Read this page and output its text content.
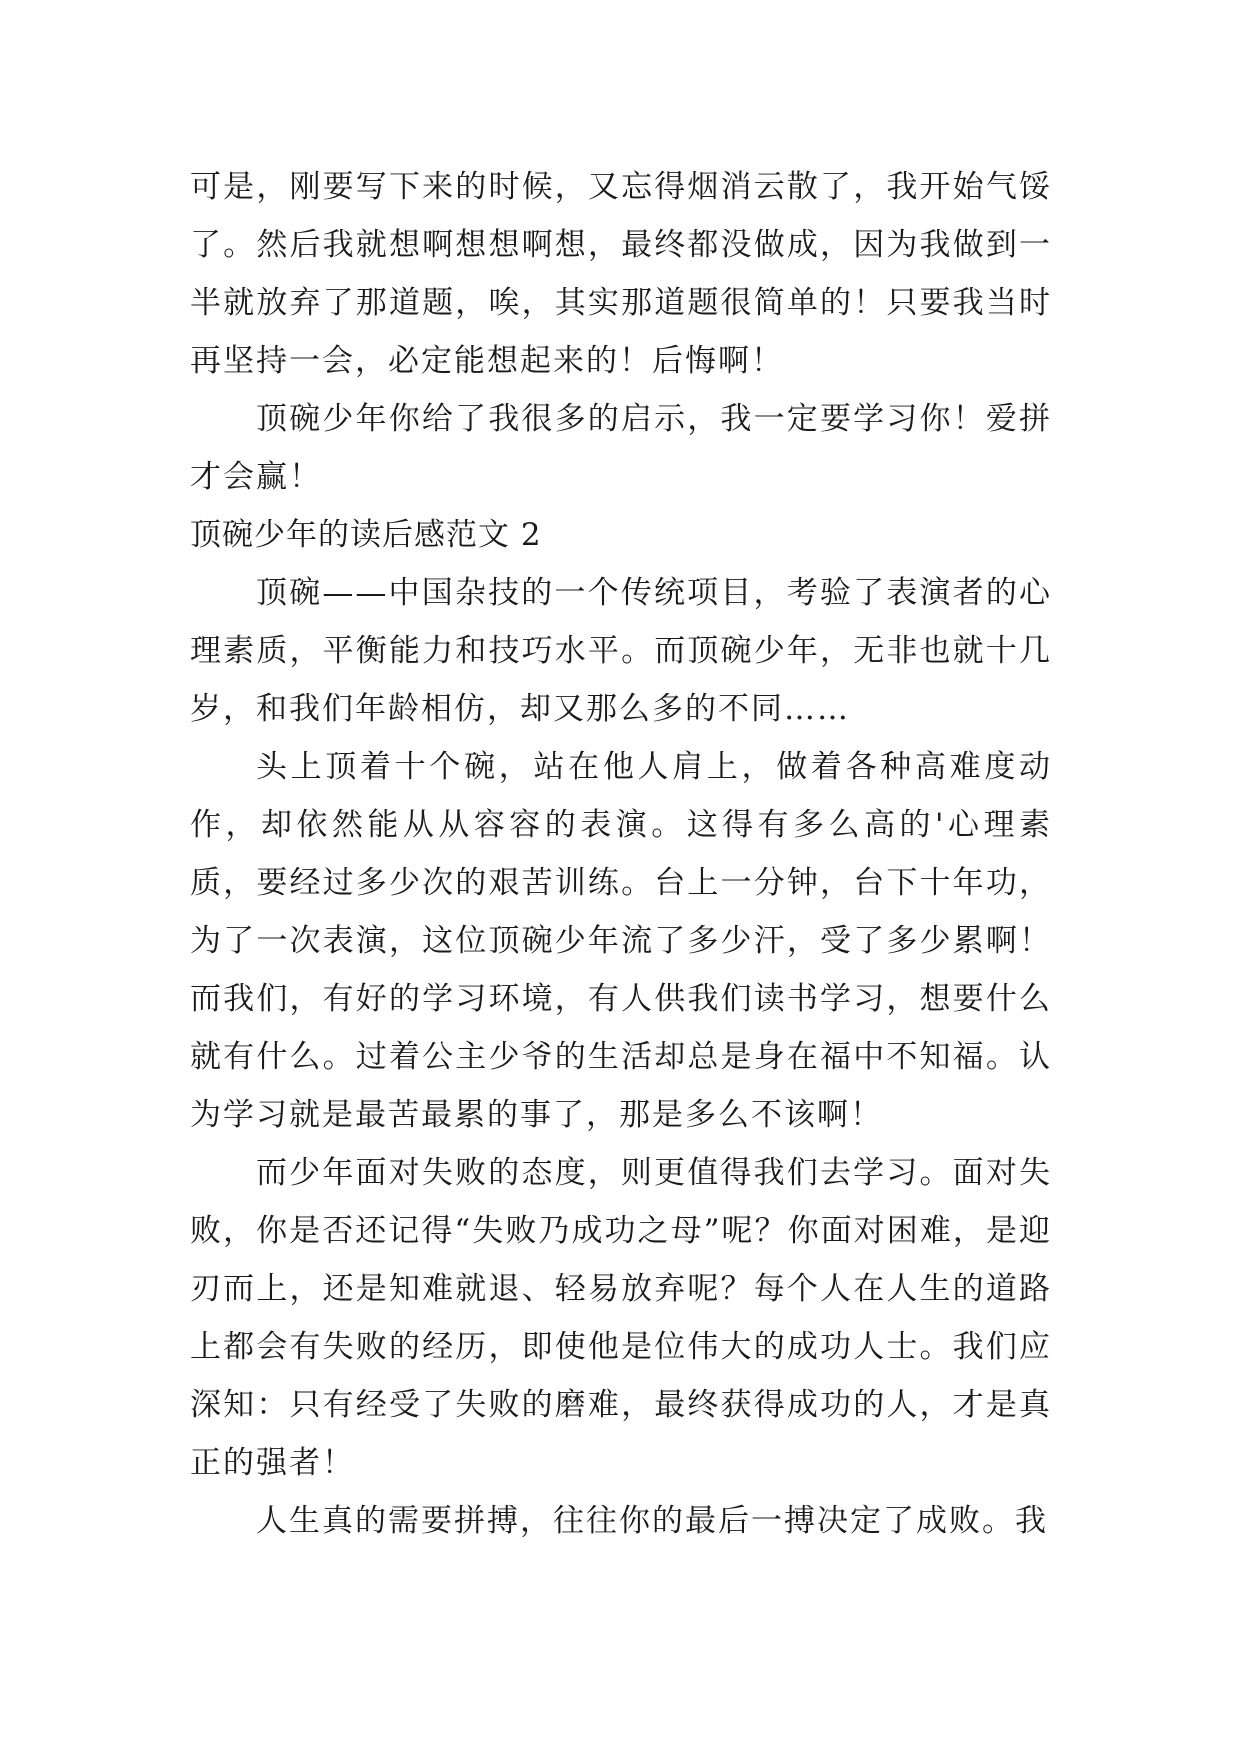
可是，刚要写下来的时候，又忘得烟消云散了，我开始气馁了。然后我就想啊想想啊想，最终都没做成，因为我做到一半就放弃了那道题，唉，其实那道题很简单的！只要我当时再坚持一会，必定能想起来的！后悔啊！

顶碗少年你给了我很多的启示，我一定要学习你！爱拼才会赢！

顶碗少年的读后感范文 2

顶碗——中国杂技的一个传统项目，考验了表演者的心理素质，平衡能力和技巧水平。而顶碗少年，无非也就十几岁，和我们年龄相仿，却又那么多的不同……

头上顶着十个碗，站在他人肩上，做着各种高难度动作，却依然能从从容容的表演。这得有多么高的'心理素质，要经过多少次的艰苦训练。台上一分钟，台下十年功，为了一次表演，这位顶碗少年流了多少汗，受了多少累啊！而我们，有好的学习环境，有人供我们读书学习，想要什么就有什么。过着公主少爷的生活却总是身在福中不知福。认为学习就是最苦最累的事了，那是多么不该啊！

而少年面对失败的态度，则更值得我们去学习。面对失败，你是否还记得“失败乃成功之母”呢？你面对困难，是迎刃而上，还是知难就退、轻易放弃呢？每个人在人生的道路上都会有失败的经历，即使他是位伟大的成功人士。我们应深知：只有经受了失败的磨难，最终获得成功的人，才是真正的强者！

人生真的需要拼搏，往往你的最后一搏决定了成败。我
